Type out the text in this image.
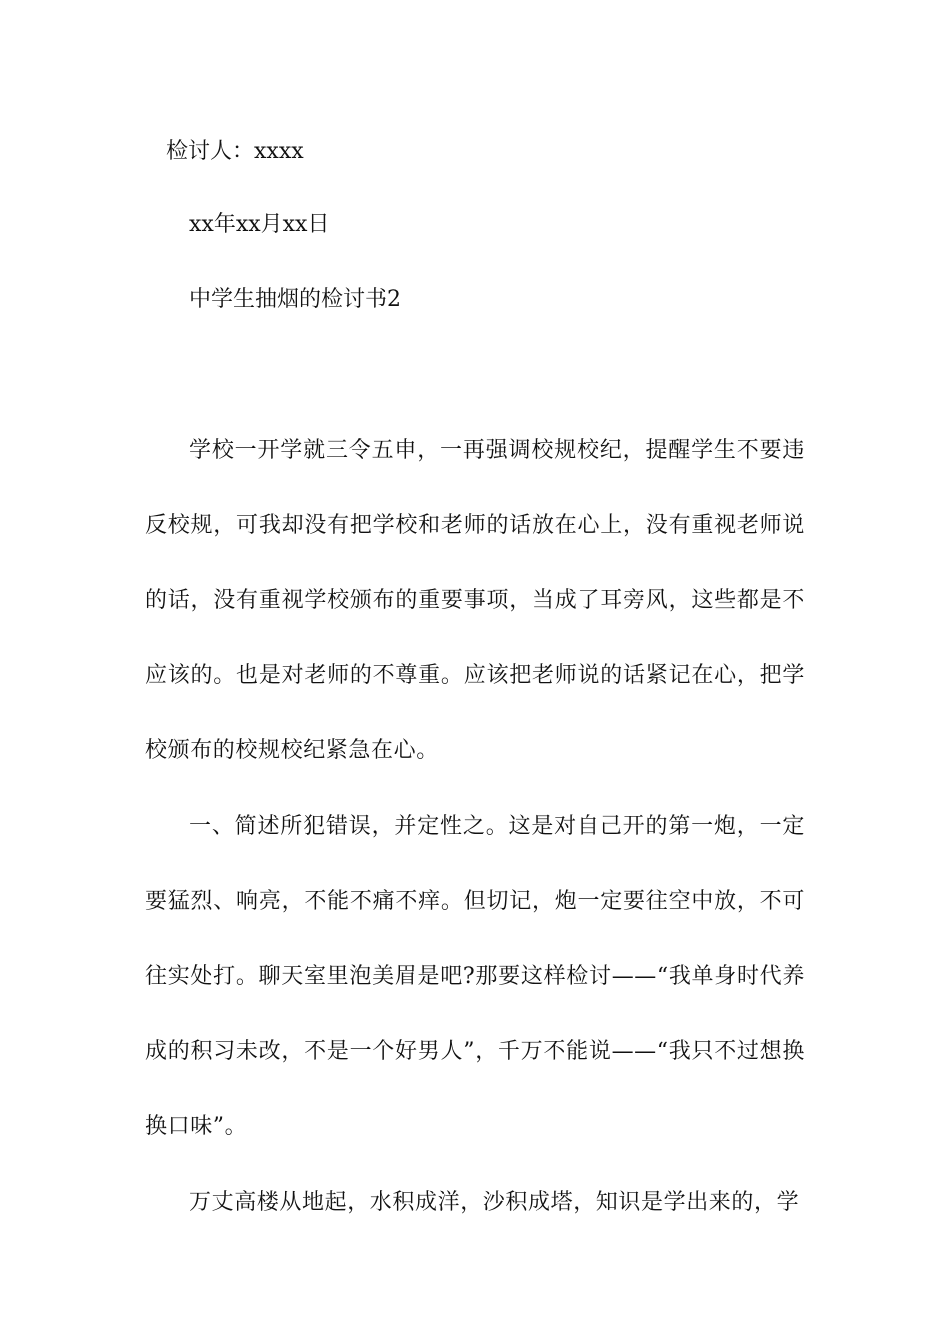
检讨人：xxxx
xx年xx月xx日
中学生抽烟的检讨书2

学校一开学就三令五申，一再强调校规校纪，提醒学生不要违反校规，可我却没有把学校和老师的话放在心上，没有重视老师说的话，没有重视学校颁布的重要事项，当成了耳旁风，这些都是不应该的。也是对老师的不尊重。应该把老师说的话紧记在心，把学校颁布的校规校纪紧急在心。

一、简述所犯错误，并定性之。这是对自己开的第一炮，一定要猛烈、响亮，不能不痛不痒。但切记，炮一定要往空中放，不可往实处打。聊天室里泡美眉是吧?那要这样检讨——“我单身时代养成的积习未改，不是一个好男人”，千万不能说——“我只不过想换换口味”。

万丈高楼从地起，水积成洋，沙积成塔，知识是学出来的，学
